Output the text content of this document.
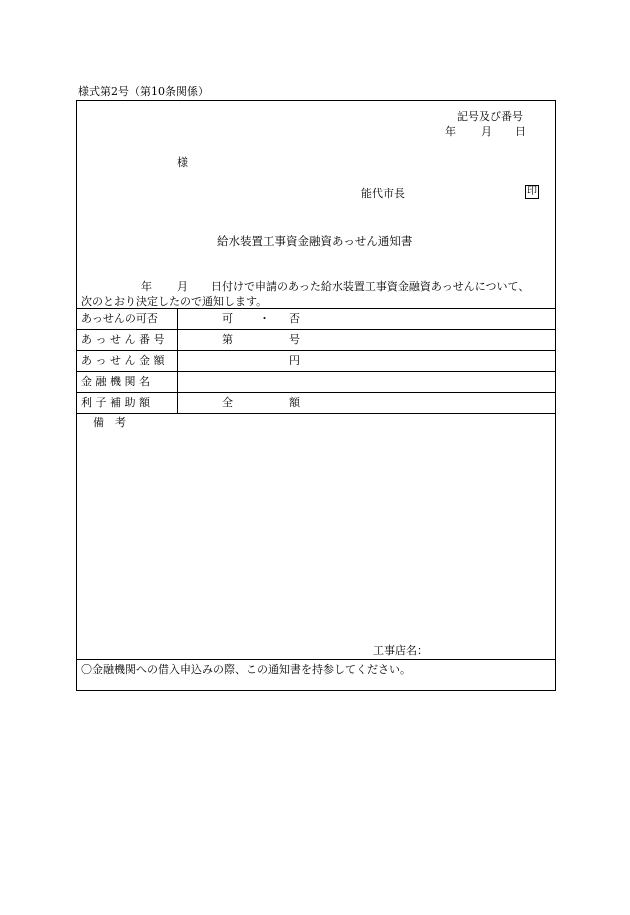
様式第2号（第10条関係）
記号及び番号
年 月 日
様
能代市長	印
給水装置工事資金融資あっせん通知書
年 月 日付けで申請のあった給水装置工事資金融資あっせんについて、
次のとおり決定したので通知します。
あっせんの可否	可 ・ 否
あ っ せ ん 番 号	第	号
あ っ せ ん 金 額	円
金 融 機 関 名
利 子 補 助 額	全	額
備　考
工事店名：
〇金融機関への借入申込みの際、この通知書を持参してください。
